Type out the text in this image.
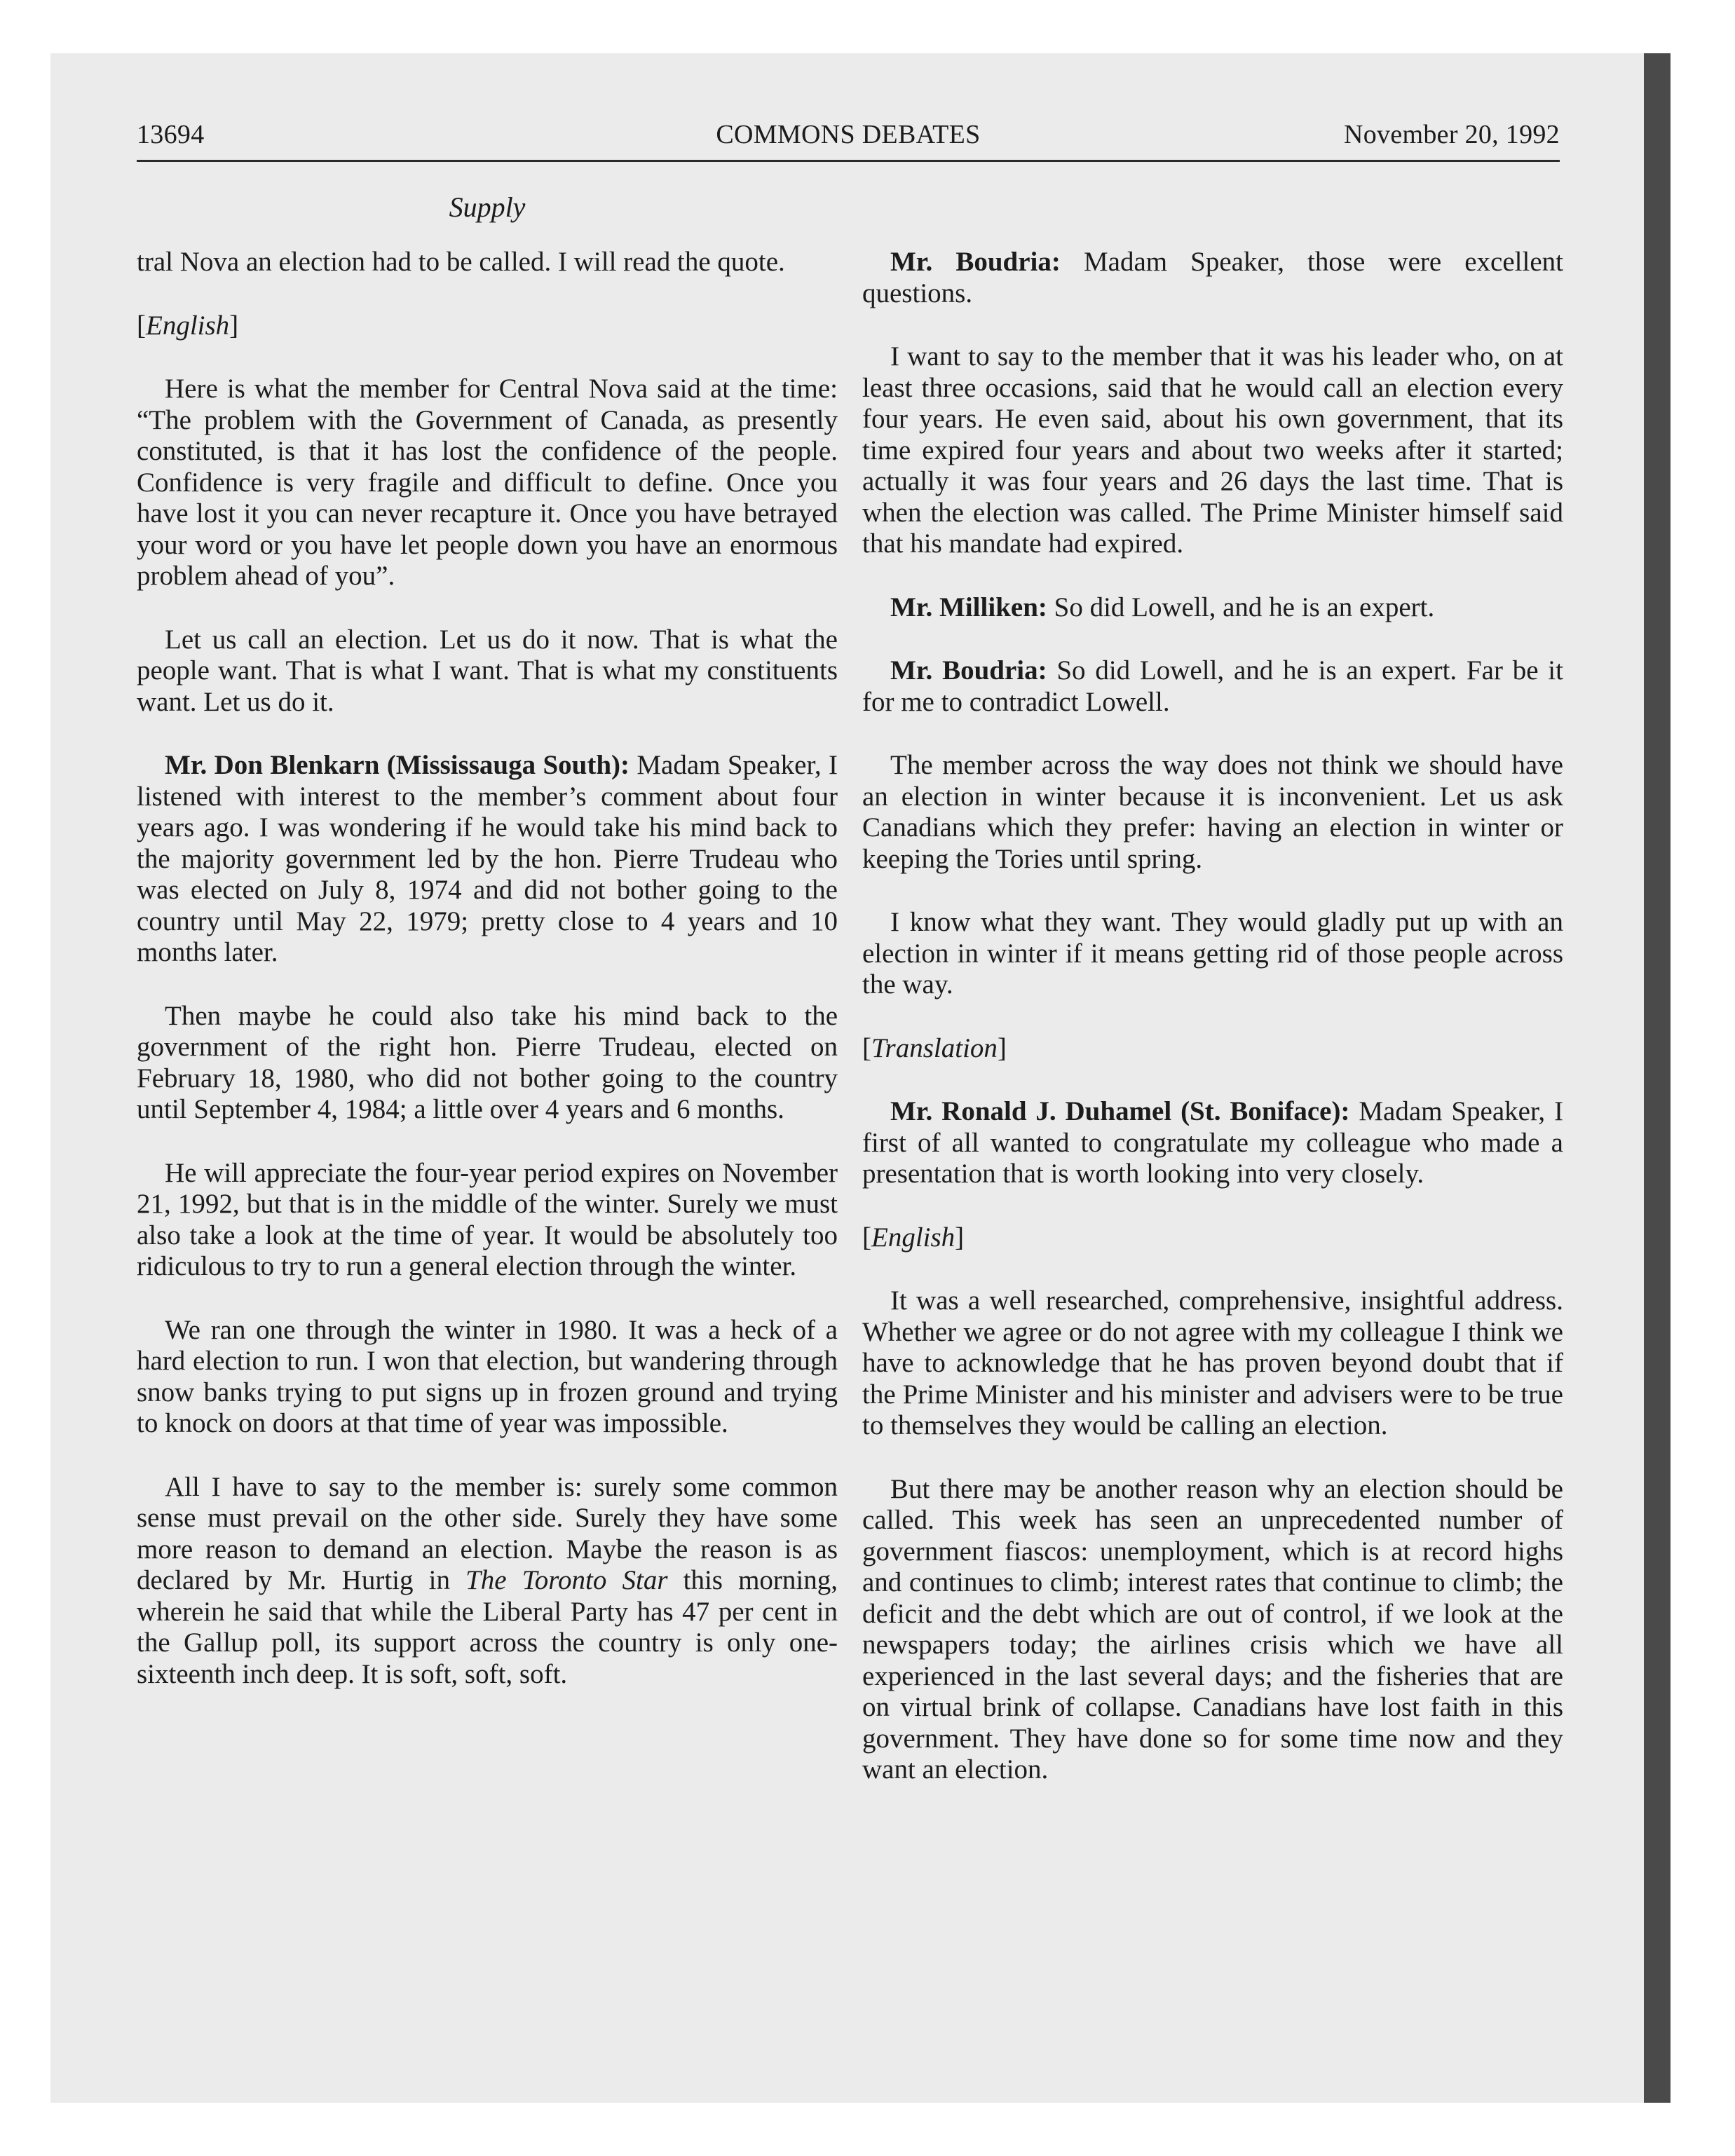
13694	COMMONS DEBATES	November 20, 1992
Supply

tral Nova an election had to be called. I will read the quote.

[English]

Here is what the member for Central Nova said at the time: “The problem with the Government of Canada, as presently constituted, is that it has lost the confidence of the people. Confidence is very fragile and difficult to define. Once you have lost it you can never recapture it. Once you have betrayed your word or you have let people down you have an enormous problem ahead of you”.

Let us call an election. Let us do it now. That is what the people want. That is what I want. That is what my constituents want. Let us do it.

Mr. Don Blenkarn (Mississauga South): Madam Speaker, I listened with interest to the member’s comment about four years ago. I was wondering if he would take his mind back to the majority government led by the hon. Pierre Trudeau who was elected on July 8, 1974 and did not bother going to the country until May 22, 1979; pretty close to 4 years and 10 months later.

Then maybe he could also take his mind back to the government of the right hon. Pierre Trudeau, elected on February 18, 1980, who did not bother going to the country until September 4, 1984; a little over 4 years and 6 months.

He will appreciate the four-year period expires on November 21, 1992, but that is in the middle of the winter. Surely we must also take a look at the time of year. It would be absolutely too ridiculous to try to run a general election through the winter.

We ran one through the winter in 1980. It was a heck of a hard election to run. I won that election, but wandering through snow banks trying to put signs up in frozen ground and trying to knock on doors at that time of year was impossible.

All I have to say to the member is: surely some common sense must prevail on the other side. Surely they have some more reason to demand an election. Maybe the reason is as declared by Mr. Hurtig in The Toronto Star this morning, wherein he said that while the Liberal Party has 47 per cent in the Gallup poll, its support across the country is only one-sixteenth inch deep. It is soft, soft, soft.

Mr. Boudria: Madam Speaker, those were excellent questions.

I want to say to the member that it was his leader who, on at least three occasions, said that he would call an election every four years. He even said, about his own government, that its time expired four years and about two weeks after it started; actually it was four years and 26 days the last time. That is when the election was called. The Prime Minister himself said that his mandate had expired.

Mr. Milliken: So did Lowell, and he is an expert.

Mr. Boudria: So did Lowell, and he is an expert. Far be it for me to contradict Lowell.

The member across the way does not think we should have an election in winter because it is inconvenient. Let us ask Canadians which they prefer: having an election in winter or keeping the Tories until spring.

I know what they want. They would gladly put up with an election in winter if it means getting rid of those people across the way.

[Translation]

Mr. Ronald J. Duhamel (St. Boniface): Madam Speaker, I first of all wanted to congratulate my colleague who made a presentation that is worth looking into very closely.

[English]

It was a well researched, comprehensive, insightful address. Whether we agree or do not agree with my colleague I think we have to acknowledge that he has proven beyond doubt that if the Prime Minister and his minister and advisers were to be true to themselves they would be calling an election.

But there may be another reason why an election should be called. This week has seen an unprecedented number of government fiascos: unemployment, which is at record highs and continues to climb; interest rates that continue to climb; the deficit and the debt which are out of control, if we look at the newspapers today; the airlines crisis which we have all experienced in the last several days; and the fisheries that are on virtual brink of collapse. Canadians have lost faith in this government. They have done so for some time now and they want an election.
